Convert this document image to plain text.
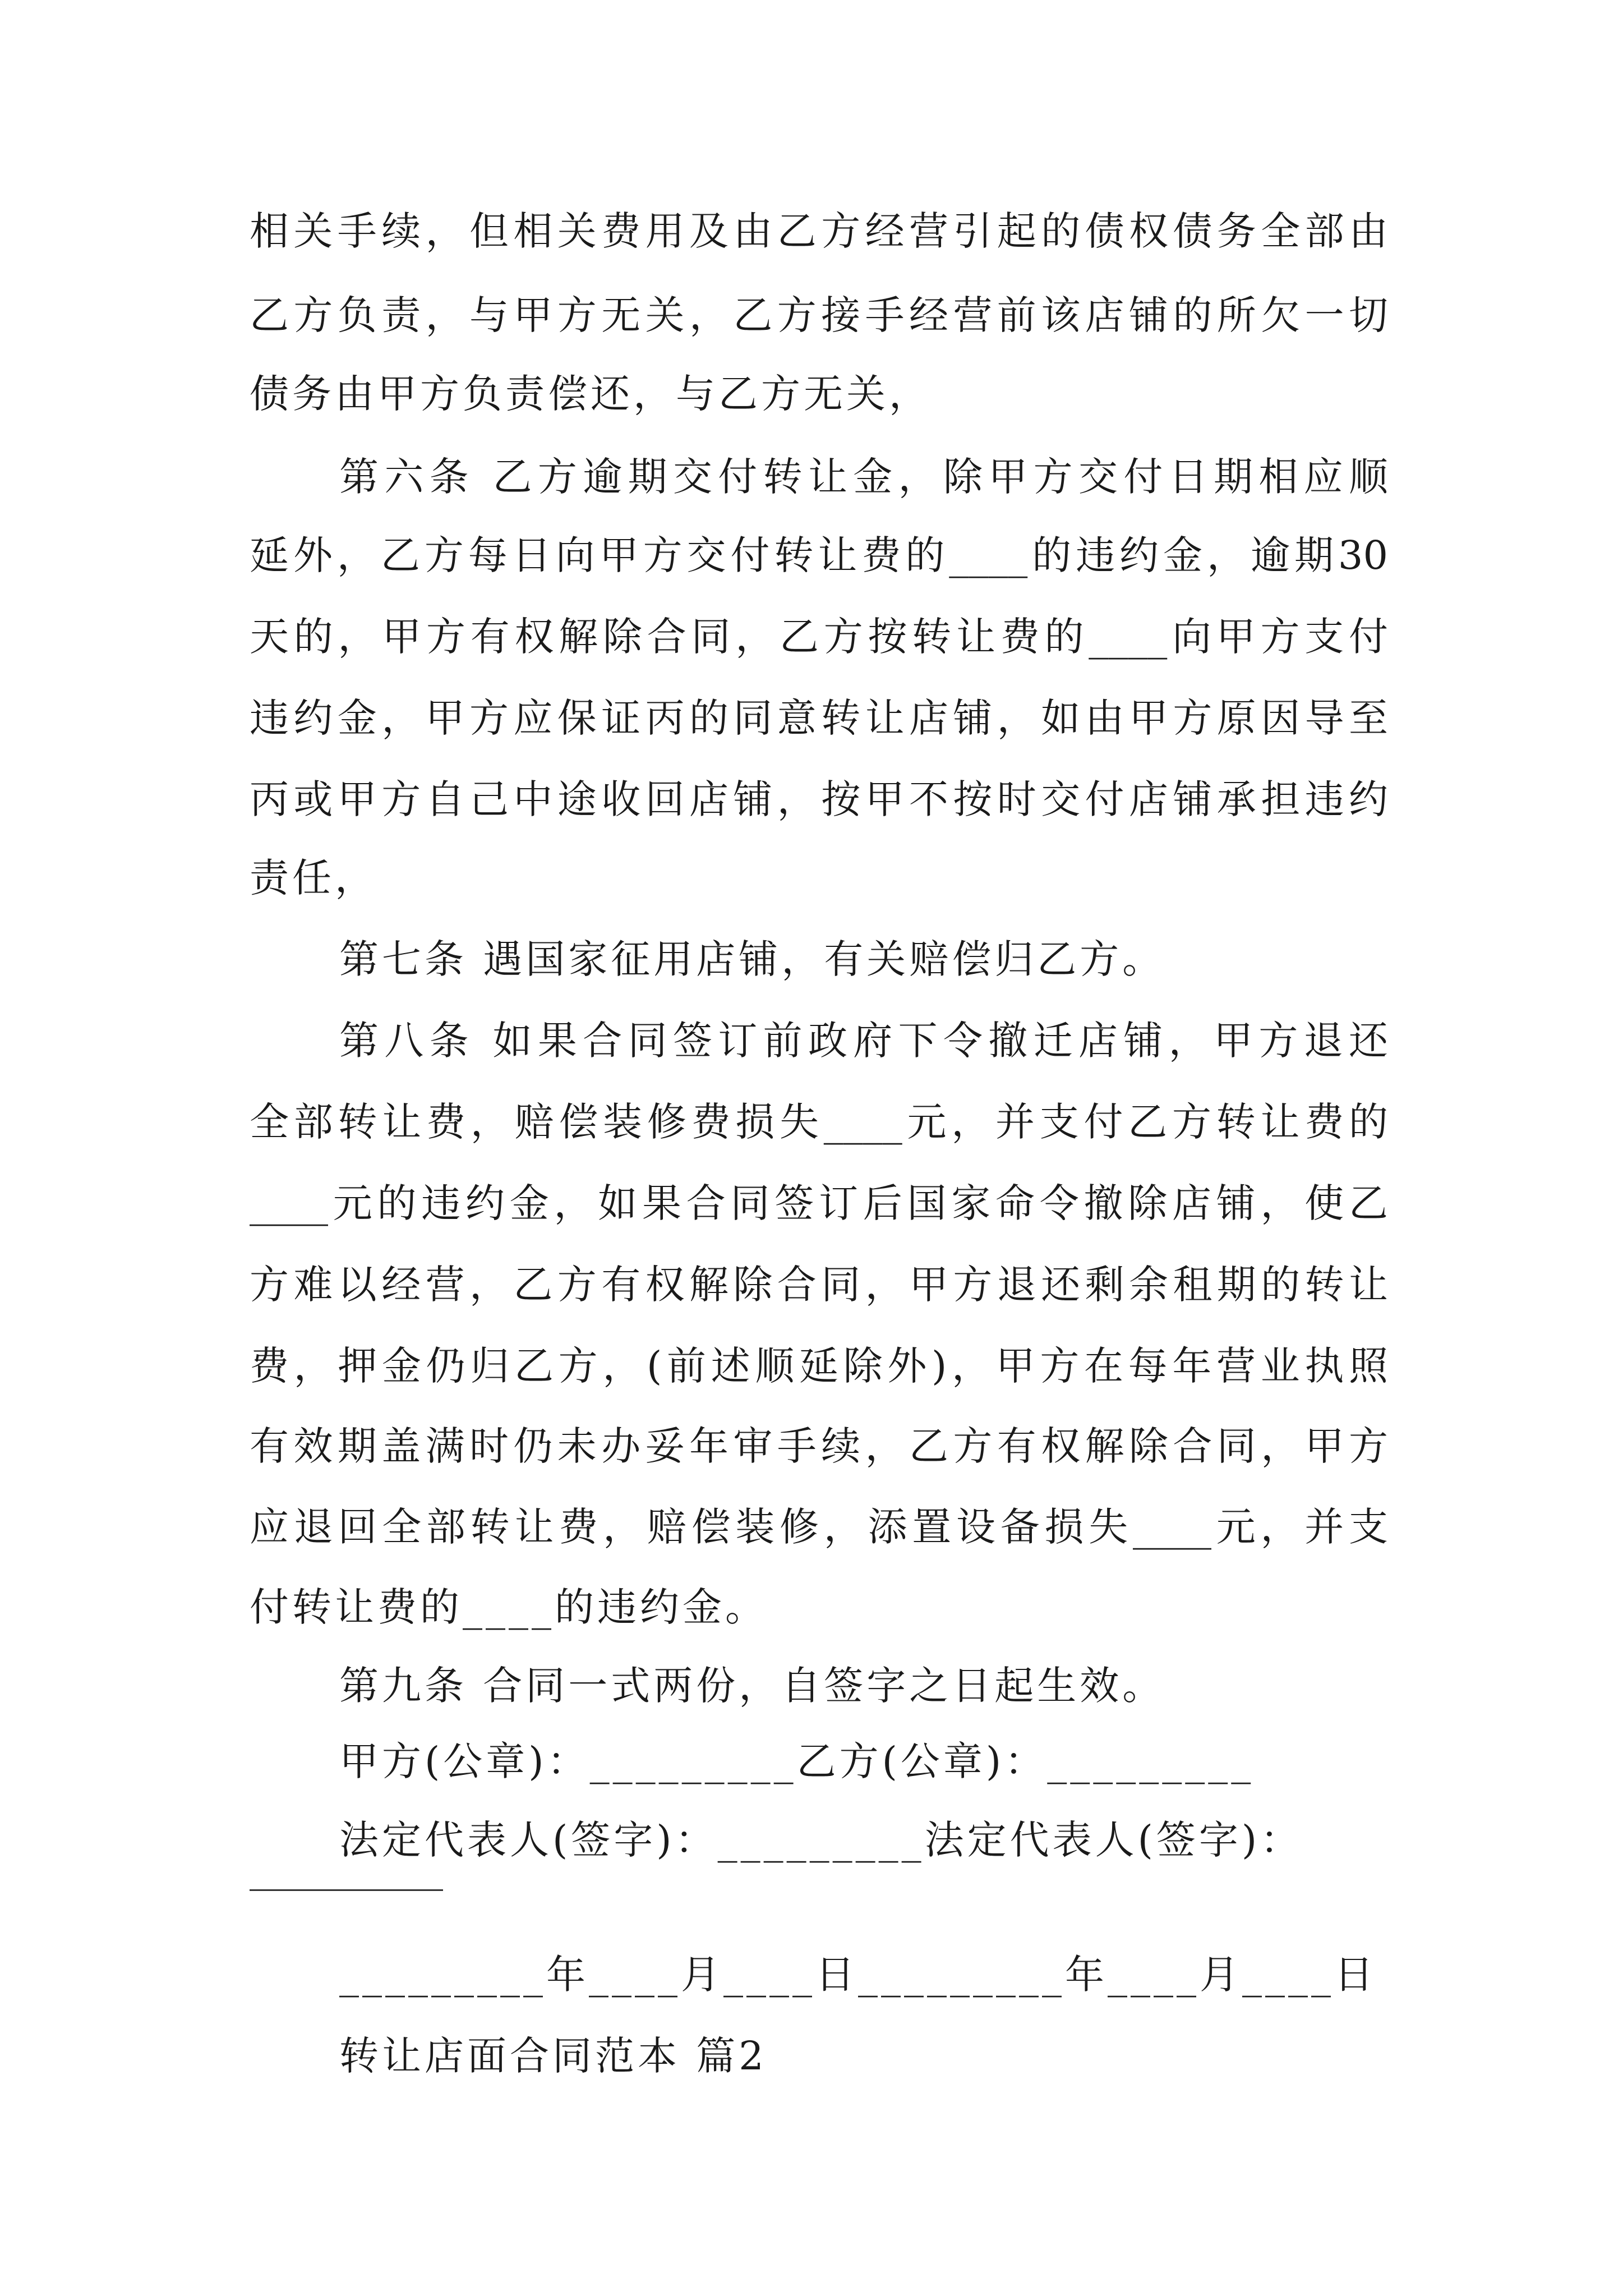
相关手续，但相关费用及由乙方经营引起的债权债务全部由
乙方负责，与甲方无关，乙方接手经营前该店铺的所欠一切
债务由甲方负责偿还，与乙方无关，
第六条 乙方逾期交付转让金，除甲方交付日期相应顺
延外，乙方每日向甲方交付转让费的____的违约金，逾期30
天的，甲方有权解除合同，乙方按转让费的____向甲方支付
违约金，甲方应保证丙的同意转让店铺，如由甲方原因导至
丙或甲方自己中途收回店铺，按甲不按时交付店铺承担违约
责任，
第七条 遇国家征用店铺，有关赔偿归乙方。
第八条 如果合同签订前政府下令撤迁店铺，甲方退还
全部转让费，赔偿装修费损失____元，并支付乙方转让费的
____元的违约金，如果合同签订后国家命令撤除店铺，使乙
方难以经营，乙方有权解除合同，甲方退还剩余租期的转让
费，押金仍归乙方，(前述顺延除外)，甲方在每年营业执照
有效期盖满时仍未办妥年审手续，乙方有权解除合同，甲方
应退回全部转让费，赔偿装修，添置设备损失____元，并支
付转让费的____的违约金。
第九条 合同一式两份，自签字之日起生效。
甲方(公章)：_________乙方(公章)：_________
法定代表人(签字)：_________法定代表人(签字)：
_________年____月____日_________年____月____日
转让店面合同范本 篇2
